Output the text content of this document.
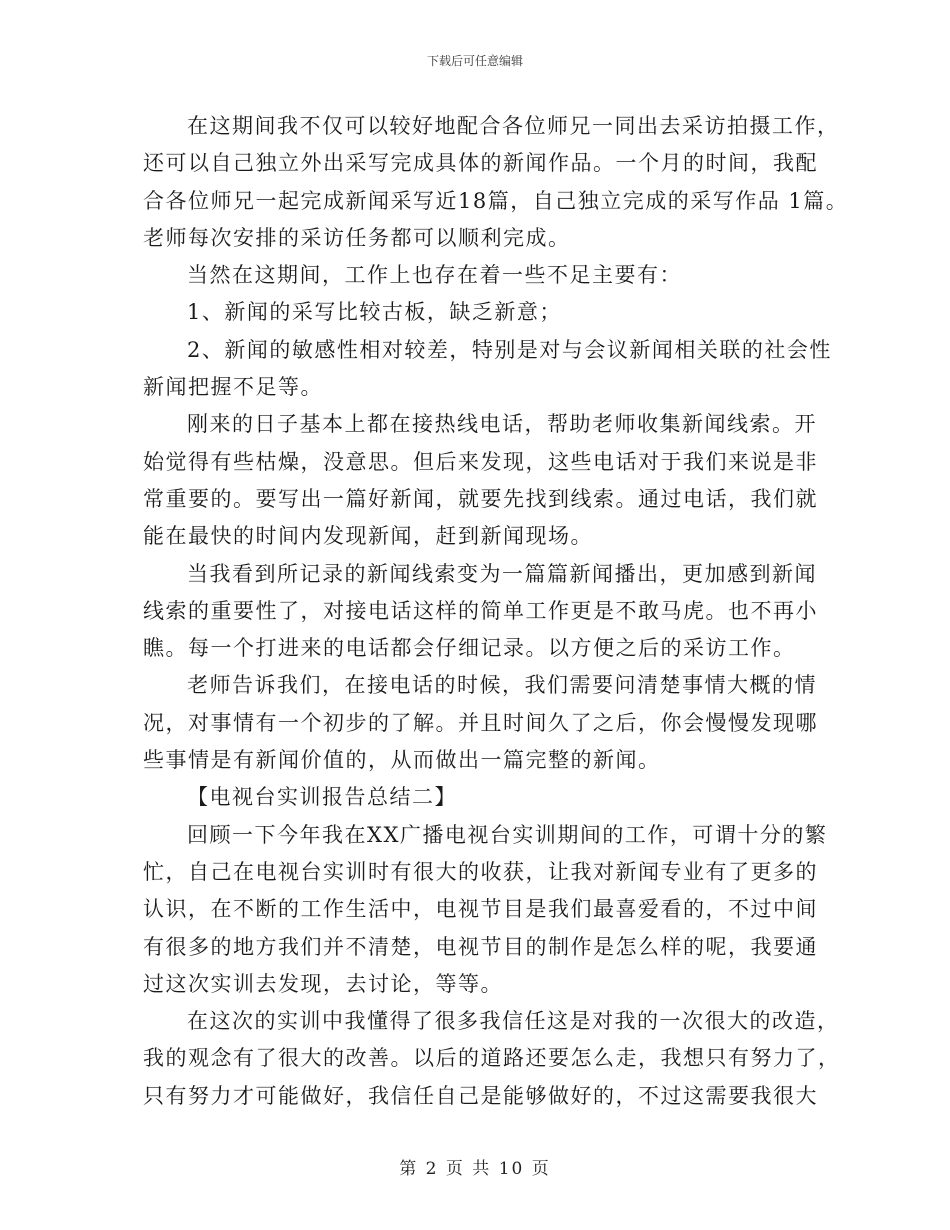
下载后可任意编辑
在这期间我不仅可以较好地配合各位师兄一同出去采访拍摄工作，
还可以自己独立外出采写完成具体的新闻作品。一个月的时间，我配
合各位师兄一起完成新闻采写近18篇，自己独立完成的采写作品 1篇。
老师每次安排的采访任务都可以顺利完成。
当然在这期间，工作上也存在着一些不足主要有：
1、新闻的采写比较古板，缺乏新意；
2、新闻的敏感性相对较差，特别是对与会议新闻相关联的社会性
新闻把握不足等。
刚来的日子基本上都在接热线电话，帮助老师收集新闻线索。开
始觉得有些枯燥，没意思。但后来发现，这些电话对于我们来说是非
常重要的。要写出一篇好新闻，就要先找到线索。通过电话，我们就
能在最快的时间内发现新闻，赶到新闻现场。
当我看到所记录的新闻线索变为一篇篇新闻播出，更加感到新闻
线索的重要性了，对接电话这样的简单工作更是不敢马虎。也不再小
瞧。每一个打进来的电话都会仔细记录。以方便之后的采访工作。
老师告诉我们，在接电话的时候，我们需要问清楚事情大概的情
况，对事情有一个初步的了解。并且时间久了之后，你会慢慢发现哪
些事情是有新闻价值的，从而做出一篇完整的新闻。
【电视台实训报告总结二】
回顾一下今年我在XX广播电视台实训期间的工作，可谓十分的繁
忙，自己在电视台实训时有很大的收获，让我对新闻专业有了更多的
认识，在不断的工作生活中，电视节目是我们最喜爱看的，不过中间
有很多的地方我们并不清楚，电视节目的制作是怎么样的呢，我要通
过这次实训去发现，去讨论，等等。
在这次的实训中我懂得了很多我信任这是对我的一次很大的改造，
我的观念有了很大的改善。以后的道路还要怎么走，我想只有努力了，
只有努力才可能做好，我信任自己是能够做好的，不过这需要我很大
第 2 页 共 10 页
